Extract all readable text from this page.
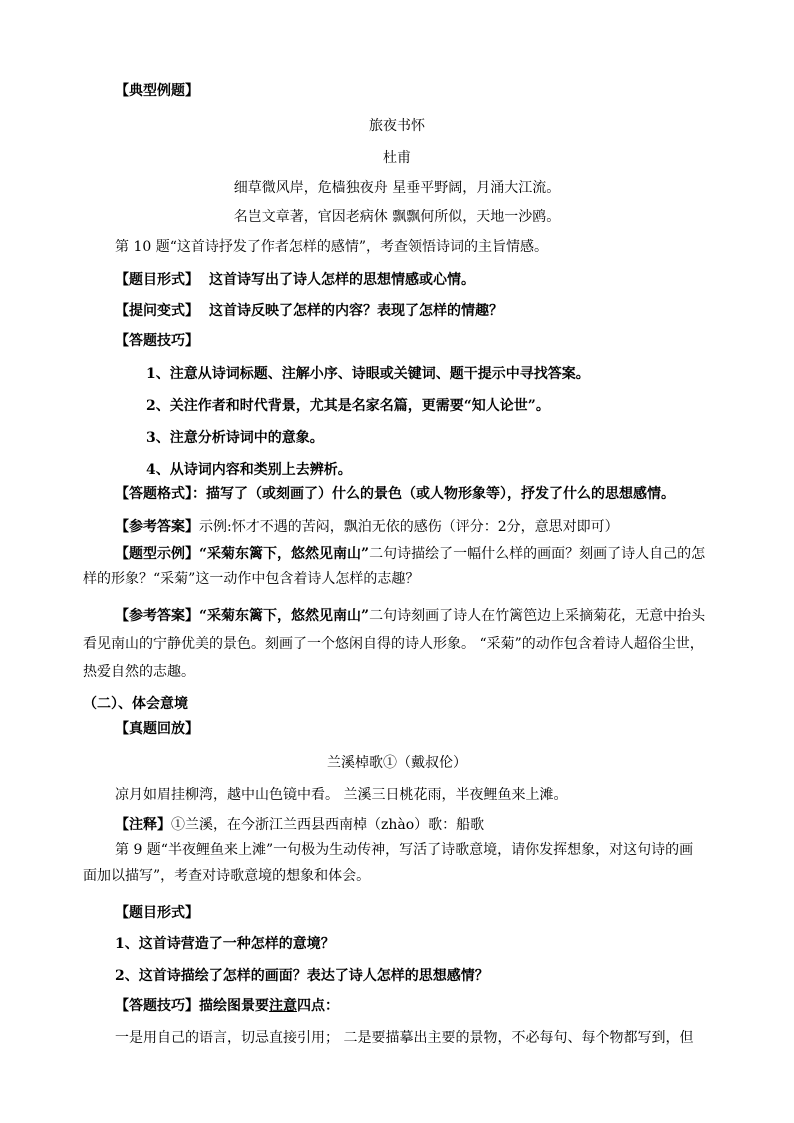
【典型例题】
旅夜书怀
杜甫
细草微风岸，危樯独夜舟 星垂平野阔，月涌大江流。
名岂文章著，官因老病休 飘飘何所似，天地一沙鸥。
第 10 题“这首诗抒发了作者怎样的感情”，考查领悟诗词的主旨情感。
【题目形式】 这首诗写出了诗人怎样的思想情感或心情。
【提问变式】 这首诗反映了怎样的内容？表现了怎样的情趣？
【答题技巧】
1、注意从诗词标题、注解小序、诗眼或关键词、题干提示中寻找答案。
2、关注作者和时代背景，尤其是名家名篇，更需要“知人论世”。
3、注意分析诗词中的意象。
4、从诗词内容和类别上去辨析。
【答题格式】：描写了（或刻画了）什么的景色（或人物形象等），抒发了什么的思想感情。
【参考答案】示例:怀才不遇的苦闷，飘泊无依的感伤（评分：2分，意思对即可）
【题型示例】“采菊东篱下，悠然见南山”二句诗描绘了一幅什么样的画面？刻画了诗人自己的怎
样的形象？“采菊”这一动作中包含着诗人怎样的志趣？
【参考答案】“采菊东篱下，悠然见南山”二句诗刻画了诗人在竹篱笆边上采摘菊花，无意中抬头
看见南山的宁静优美的景色。刻画了一个悠闲自得的诗人形象。 “采菊”的动作包含着诗人超俗尘世，
热爱自然的志趣。
（二）、体会意境
【真题回放】
兰溪棹歌①（戴叔伦）
凉月如眉挂柳湾，越中山色镜中看。 兰溪三日桃花雨，半夜鲤鱼来上滩。
【注释】①兰溪，在今浙江兰西县西南棹（zhào）歌：船歌
第 9 题“半夜鲤鱼来上滩”一句极为生动传神，写活了诗歌意境，请你发挥想象，对这句诗的画
面加以描写”，考查对诗歌意境的想象和体会。
【题目形式】
1、这首诗营造了一种怎样的意境？
2、这首诗描绘了怎样的画面？表达了诗人怎样的思想感情？
【答题技巧】描绘图景要注意四点：
一是用自己的语言，切忌直接引用； 二是要描摹出主要的景物，不必每句、每个物都写到，但
